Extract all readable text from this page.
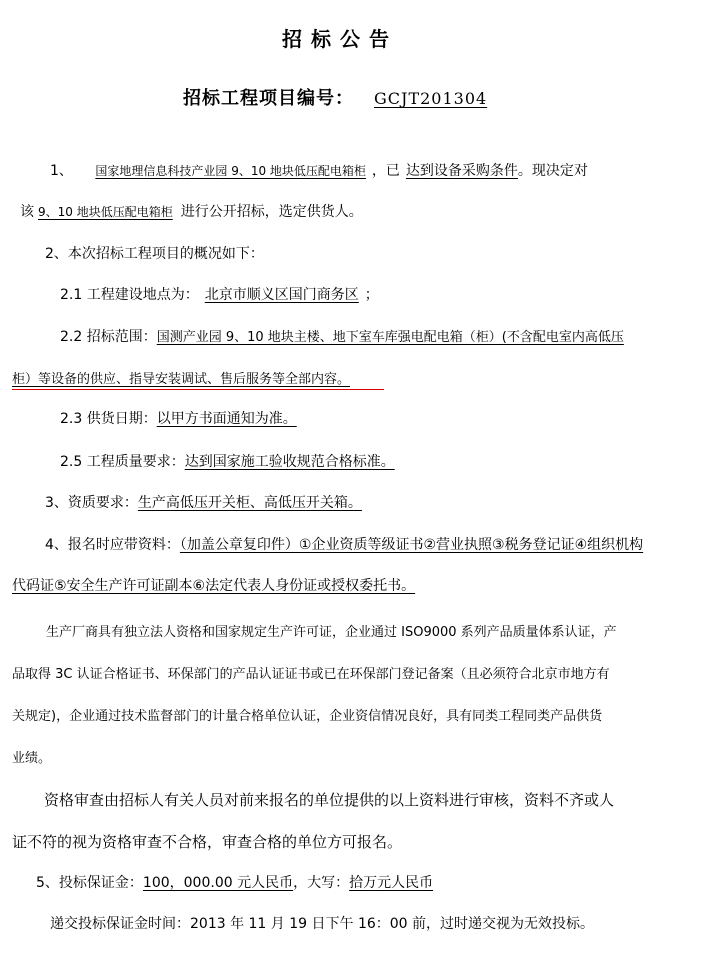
招标公告
招标工程项目编号： GCJT201304
1、 国家地理信息科技产业园 9、10 地块低压配电箱柜 ，已 达到设备采购条件。现决定对
该 9、10 地块低压配电箱柜 进行公开招标，选定供货人。
2、本次招标工程项目的概况如下：
2.1 工程建设地点为： 北京市顺义区国门商务区 ；
2.2 招标范围：国测产业园 9、10 地块主楼、地下室车库强电配电箱（柜）(不含配电室内高低压
柜）等设备的供应、指导安装调试、售后服务等全部内容。
2.3 供货日期：以甲方书面通知为准。
2.5 工程质量要求：达到国家施工验收规范合格标准。
3、资质要求：生产高低压开关柜、高低压开关箱。
4、报名时应带资料：（加盖公章复印件）①企业资质等级证书②营业执照③税务登记证④组织机构
代码证⑤安全生产许可证副本⑥法定代表人身份证或授权委托书。
生产厂商具有独立法人资格和国家规定生产许可证，企业通过 ISO9000 系列产品质量体系认证，产
品取得 3C 认证合格证书、环保部门的产品认证证书或已在环保部门登记备案（且必须符合北京市地方有
关规定)，企业通过技术监督部门的计量合格单位认证，企业资信情况良好，具有同类工程同类产品供货
业绩。
资格审查由招标人有关人员对前来报名的单位提供的以上资料进行审核，资料不齐或人
证不符的视为资格审查不合格，审查合格的单位方可报名。
5、投标保证金：100，000.00 元人民币，大写：拾万元人民币
递交投标保证金时间：2013 年 11 月 19 日下午 16：00 前，过时递交视为无效投标。
